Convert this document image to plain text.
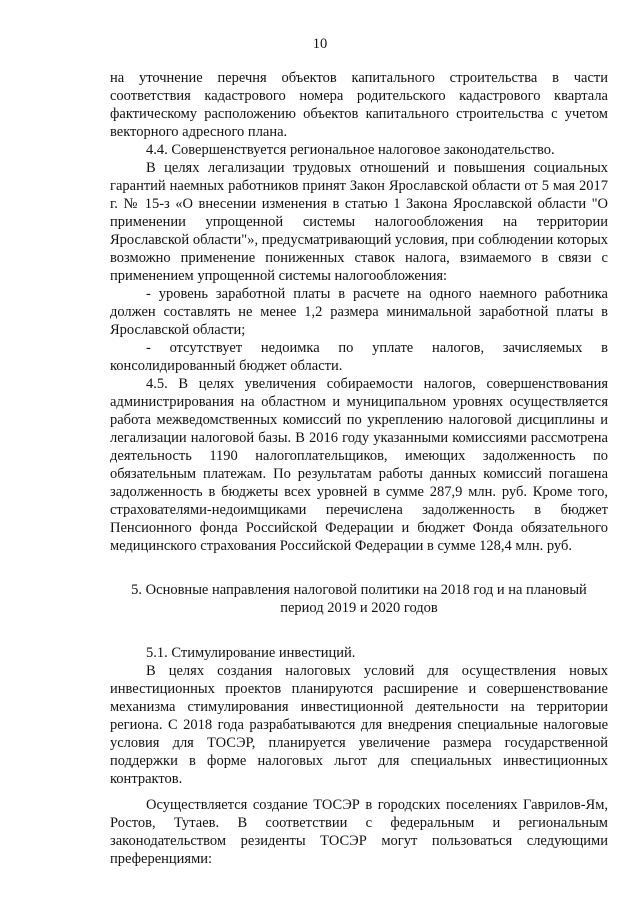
10

на уточнение перечня объектов капитального строительства в части соответствия кадастрового номера родительского кадастрового квартала фактическому расположению объектов капитального строительства с учетом векторного адресного плана.

4.4. Совершенствуется региональное налоговое законодательство.

В целях легализации трудовых отношений и повышения социальных гарантий наемных работников принят Закон Ярославской области от 5 мая 2017 г. № 15-з «О внесении изменения в статью 1 Закона Ярославской области "О применении упрощенной системы налогообложения на территории Ярославской области"», предусматривающий условия, при соблюдении которых возможно применение пониженных ставок налога, взимаемого в связи с применением упрощенной системы налогообложения:

- уровень заработной платы в расчете на одного наемного работника должен составлять не менее 1,2 размера минимальной заработной платы в Ярославской области;

- отсутствует недоимка по уплате налогов, зачисляемых в консолидированный бюджет области.

4.5. В целях увеличения собираемости налогов, совершенствования администрирования на областном и муниципальном уровнях осуществляется работа межведомственных комиссий по укреплению налоговой дисциплины и легализации налоговой базы. В 2016 году указанными комиссиями рассмотрена деятельность 1190 налогоплательщиков, имеющих задолженность по обязательным платежам. По результатам работы данных комиссий погашена задолженность в бюджеты всех уровней в сумме 287,9 млн. руб. Кроме того, страхователями-недоимщиками перечислена задолженность в бюджет Пенсионного фонда Российской Федерации и бюджет Фонда обязательного медицинского страхования Российской Федерации в сумме 128,4 млн. руб.

5. Основные направления налоговой политики на 2018 год и на плановый период 2019 и 2020 годов

5.1. Стимулирование инвестиций.

В целях создания налоговых условий для осуществления новых инвестиционных проектов планируются расширение и совершенствование механизма стимулирования инвестиционной деятельности на территории региона. С 2018 года разрабатываются для внедрения специальные налоговые условия для ТОСЭР, планируется увеличение размера государственной поддержки в форме налоговых льгот для специальных инвестиционных контрактов.

Осуществляется создание ТОСЭР в городских поселениях Гаврилов-Ям, Ростов, Тутаев. В соответствии с федеральным и региональным законодательством резиденты ТОСЭР могут пользоваться следующими преференциями:
